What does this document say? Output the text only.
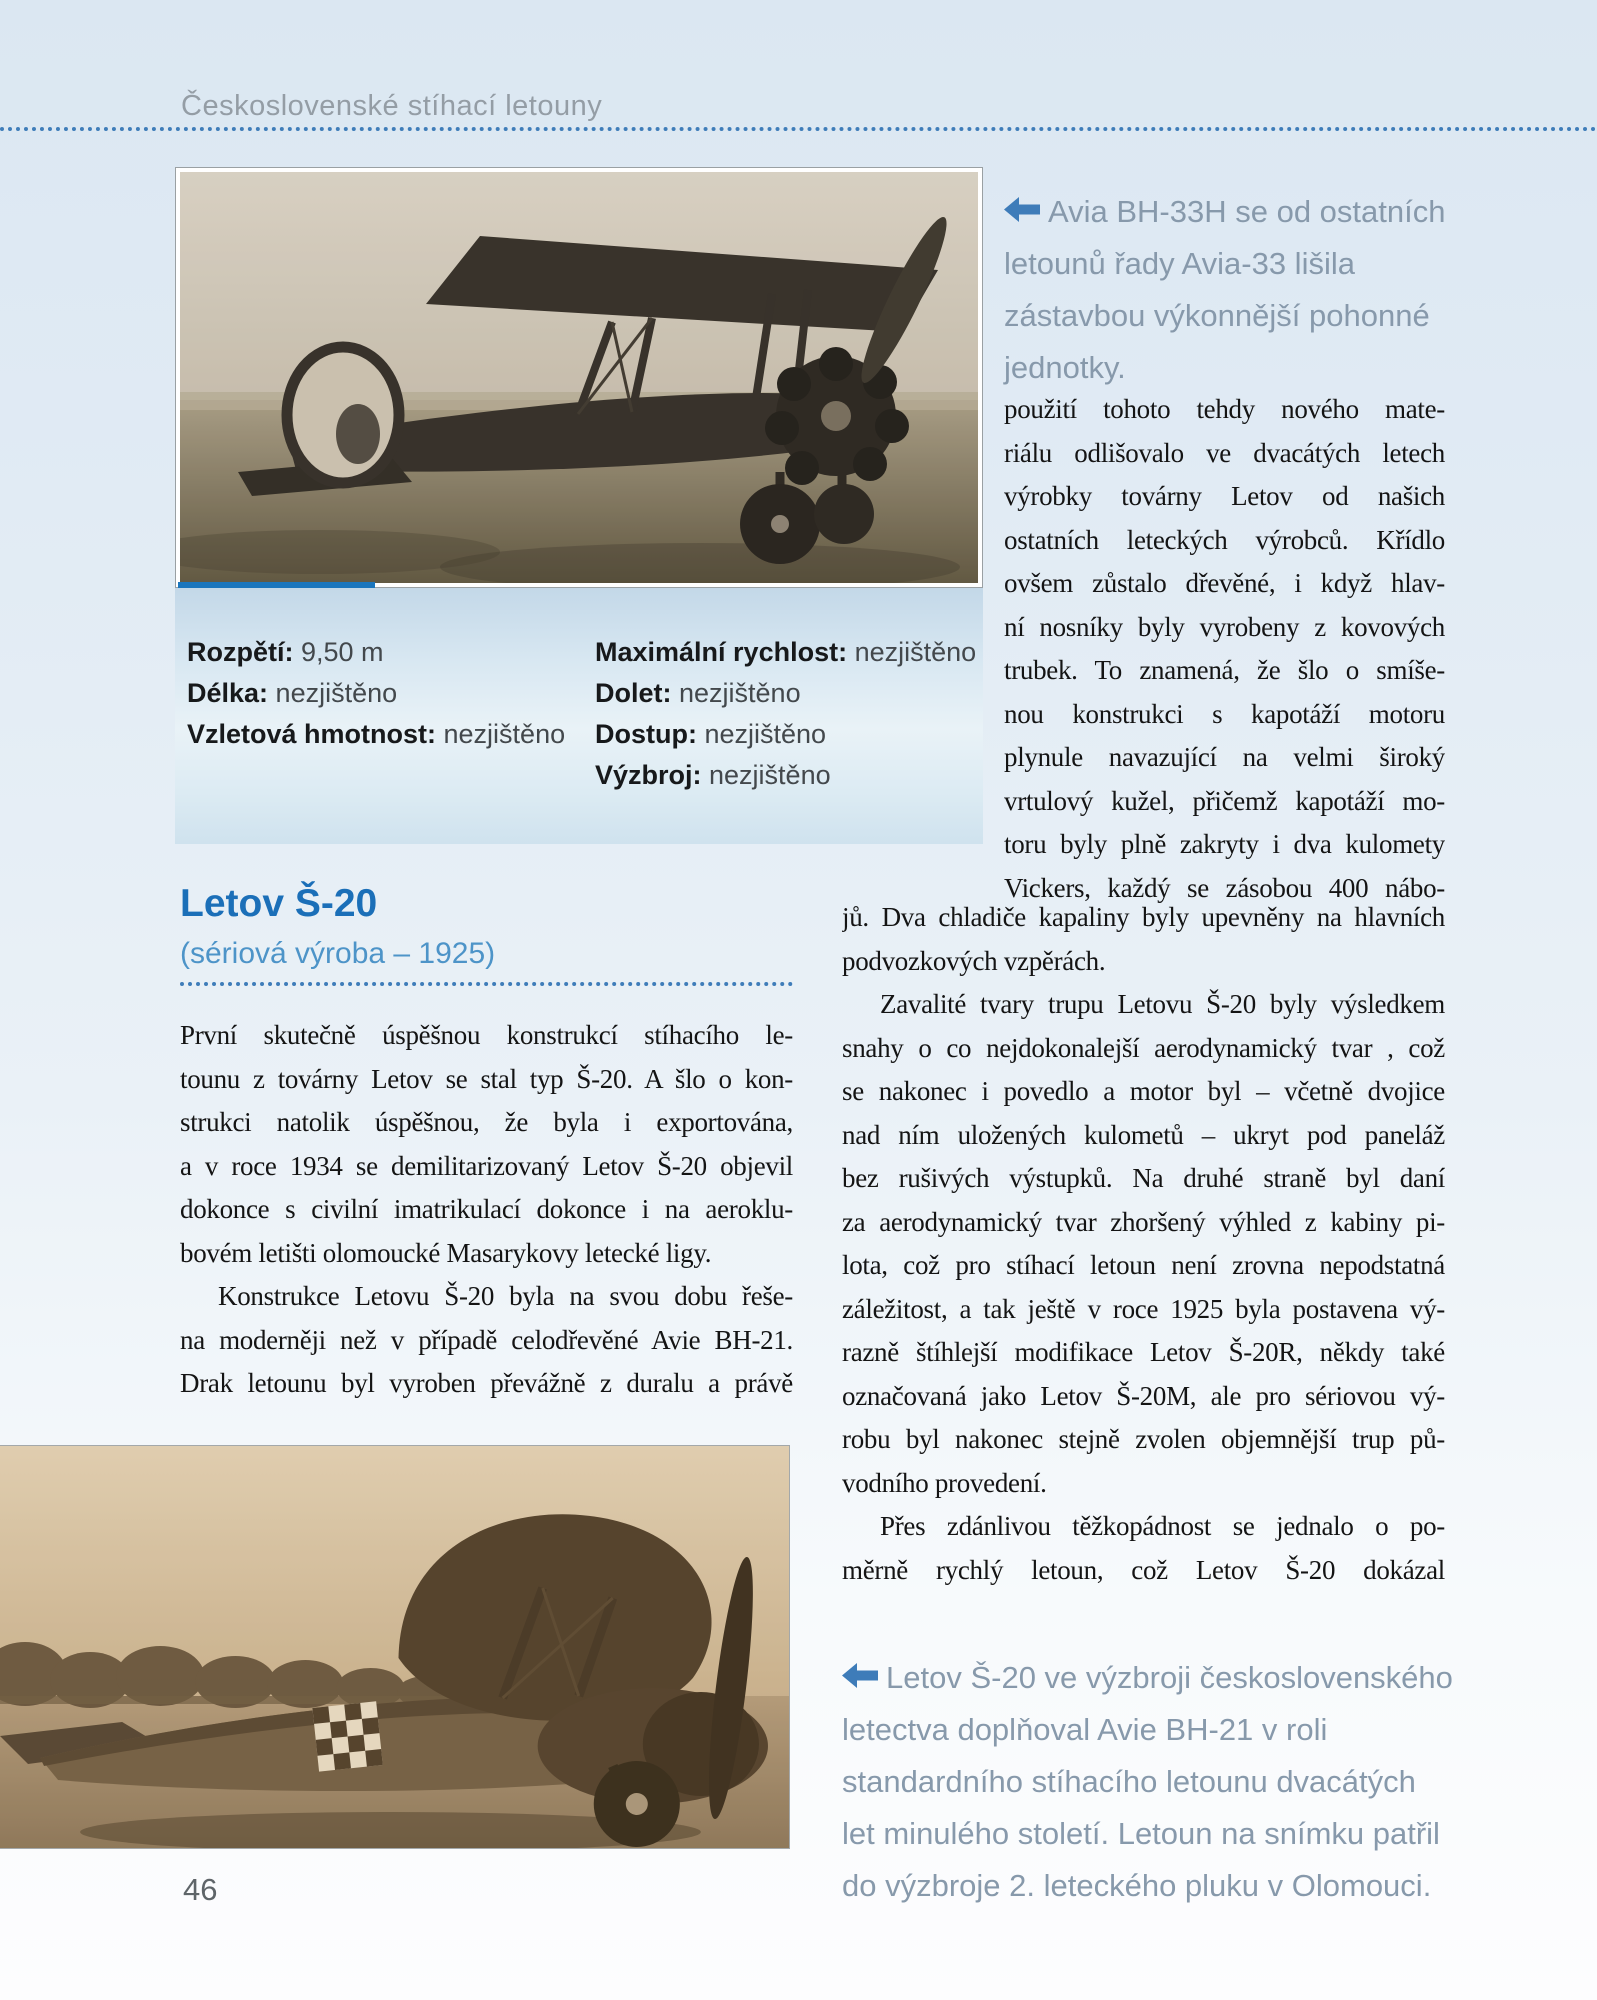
Československé stíhací letouny
Rozpětí: 9,50 m
Délka: nezjištěno
Vzletová hmotnost: nezjištěno
Maximální rychlost: nezjištěno
Dolet: nezjištěno
Dostup: nezjištěno
Výzbroj: nezjištěno
Avia BH-33H se od ostatních
letounů řady Avia-33 lišila
zástavbou výkonnější pohonné
jednotky.
použití tohoto tehdy nového mate-
riálu odlišovalo ve dvacátých letech
výrobky továrny Letov od našich
ostatních leteckých výrobců. Křídlo
ovšem zůstalo dřevěné, i když hlav-
ní nosníky byly vyrobeny z kovových
trubek. To znamená, že šlo o smíše-
nou konstrukci s kapotáží motoru
plynule navazující na velmi široký
vrtulový kužel, přičemž kapotáží mo-
toru byly plně zakryty i dva kulomety
Vickers, každý se zásobou 400 nábo-
Letov Š-20
(sériová výroba – 1925)
První skutečně úspěšnou konstrukcí stíhacího le-
tounu z továrny Letov se stal typ Š-20. A šlo o kon-
strukci natolik úspěšnou, že byla i exportována,
a v roce 1934 se demilitarizovaný Letov Š-20 objevil
dokonce s civilní imatrikulací dokonce i na aeroklu-
bovém letišti olomoucké Masarykovy letecké ligy.
Konstrukce Letovu Š-20 byla na svou dobu řeše-
na moderněji než v případě celodřevěné Avie BH-21.
Drak letounu byl vyroben převážně z duralu a právě
jů. Dva chladiče kapaliny byly upevněny na hlavních
podvozkových vzpěrách.
Zavalité tvary trupu Letovu Š-20 byly výsledkem
snahy o co nejdokonalejší aerodynamický tvar , což
se nakonec i povedlo a motor byl – včetně dvojice
nad ním uložených kulometů – ukryt pod paneláž
bez rušivých výstupků. Na druhé straně byl daní
za aerodynamický tvar zhoršený výhled z kabiny pi-
lota, což pro stíhací letoun není zrovna nepodstatná
záležitost, a tak ještě v roce 1925 byla postavena vý-
razně štíhlejší modifikace Letov Š-20R, někdy také
označovaná jako Letov Š-20M, ale pro sériovou vý-
robu byl nakonec stejně zvolen objemnější trup pů-
vodního provedení.
Přes zdánlivou těžkopádnost se jednalo o po-
měrně rychlý letoun, což Letov Š-20 dokázal
Letov Š-20 ve výzbroji československého
letectva doplňoval Avie BH-21 v roli
standardního stíhacího letounu dvacátých
let minulého století. Letoun na snímku patřil
do výzbroje 2. leteckého pluku v Olomouci.
46
